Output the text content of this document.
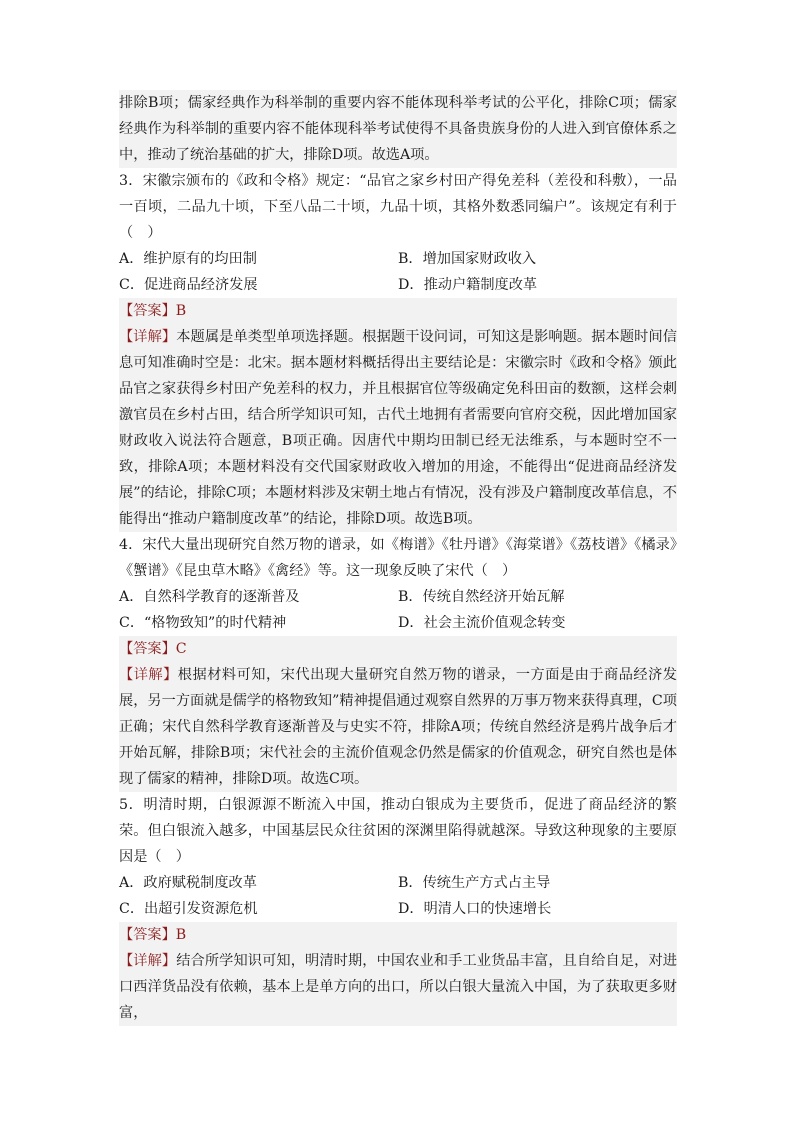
排除B项；儒家经典作为科举制的重要内容不能体现科举考试的公平化，排除C项；儒家经典作为科举制的重要内容不能体现科举考试使得不具备贵族身份的人进入到官僚体系之中，推动了统治基础的扩大，排除D项。故选A项。
3．宋徽宗颁布的《政和令格》规定：“品官之家乡村田产得免差科（差役和科敷），一品一百顷，二品九十顷，下至八品二十顷，九品十顷，其格外数悉同编户”。该规定有利于（　）
A．维护原有的均田制	B．增加国家财政收入
C．促进商品经济发展	D．推动户籍制度改革
【答案】B
【详解】本题属是单类型单项选择题。根据题干设问词，可知这是影响题。据本题时间信息可知准确时空是：北宋。据本题材料概括得出主要结论是：宋徽宗时《政和令格》颁此品官之家获得乡村田产免差科的权力，并且根据官位等级确定免科田亩的数额，这样会刺激官员在乡村占田，结合所学知识可知，古代土地拥有者需要向官府交税，因此增加国家财政收入说法符合题意，B项正确。因唐代中期均田制已经无法维系，与本题时空不一致，排除A项；本题材料没有交代国家财政收入增加的用途，不能得出“促进商品经济发展”的结论，排除C项；本题材料涉及宋朝土地占有情况，没有涉及户籍制度改革信息，不能得出“推动户籍制度改革”的结论，排除D项。故选B项。
4．宋代大量出现研究自然万物的谱录，如《梅谱》《牡丹谱》《海棠谱》《荔枝谱》《橘录》《蟹谱》《昆虫草木略》《禽经》等。这一现象反映了宋代（　）
A．自然科学教育的逐渐普及	B．传统自然经济开始瓦解
C．“格物致知”的时代精神	D．社会主流价值观念转变
【答案】C
【详解】根据材料可知，宋代出现大量研究自然万物的谱录，一方面是由于商品经济发展，另一方面就是儒学的格物致知”精神提倡通过观察自然界的万事万物来获得真理，C项正确；宋代自然科学教育逐渐普及与史实不符，排除A项；传统自然经济是鸦片战争后才开始瓦解，排除B项；宋代社会的主流价值观念仍然是儒家的价值观念，研究自然也是体现了儒家的精神，排除D项。故选C项。
5．明清时期，白银源源不断流入中国，推动白银成为主要货币，促进了商品经济的繁荣。但白银流入越多，中国基层民众往贫困的深渊里陷得就越深。导致这种现象的主要原因是（　）
A．政府赋税制度改革	B．传统生产方式占主导
C．出超引发资源危机	D．明清人口的快速增长
【答案】B
【详解】结合所学知识可知，明清时期，中国农业和手工业货品丰富，且自给自足，对进口西洋货品没有依赖，基本上是单方向的出口，所以白银大量流入中国，为了获取更多财富，
